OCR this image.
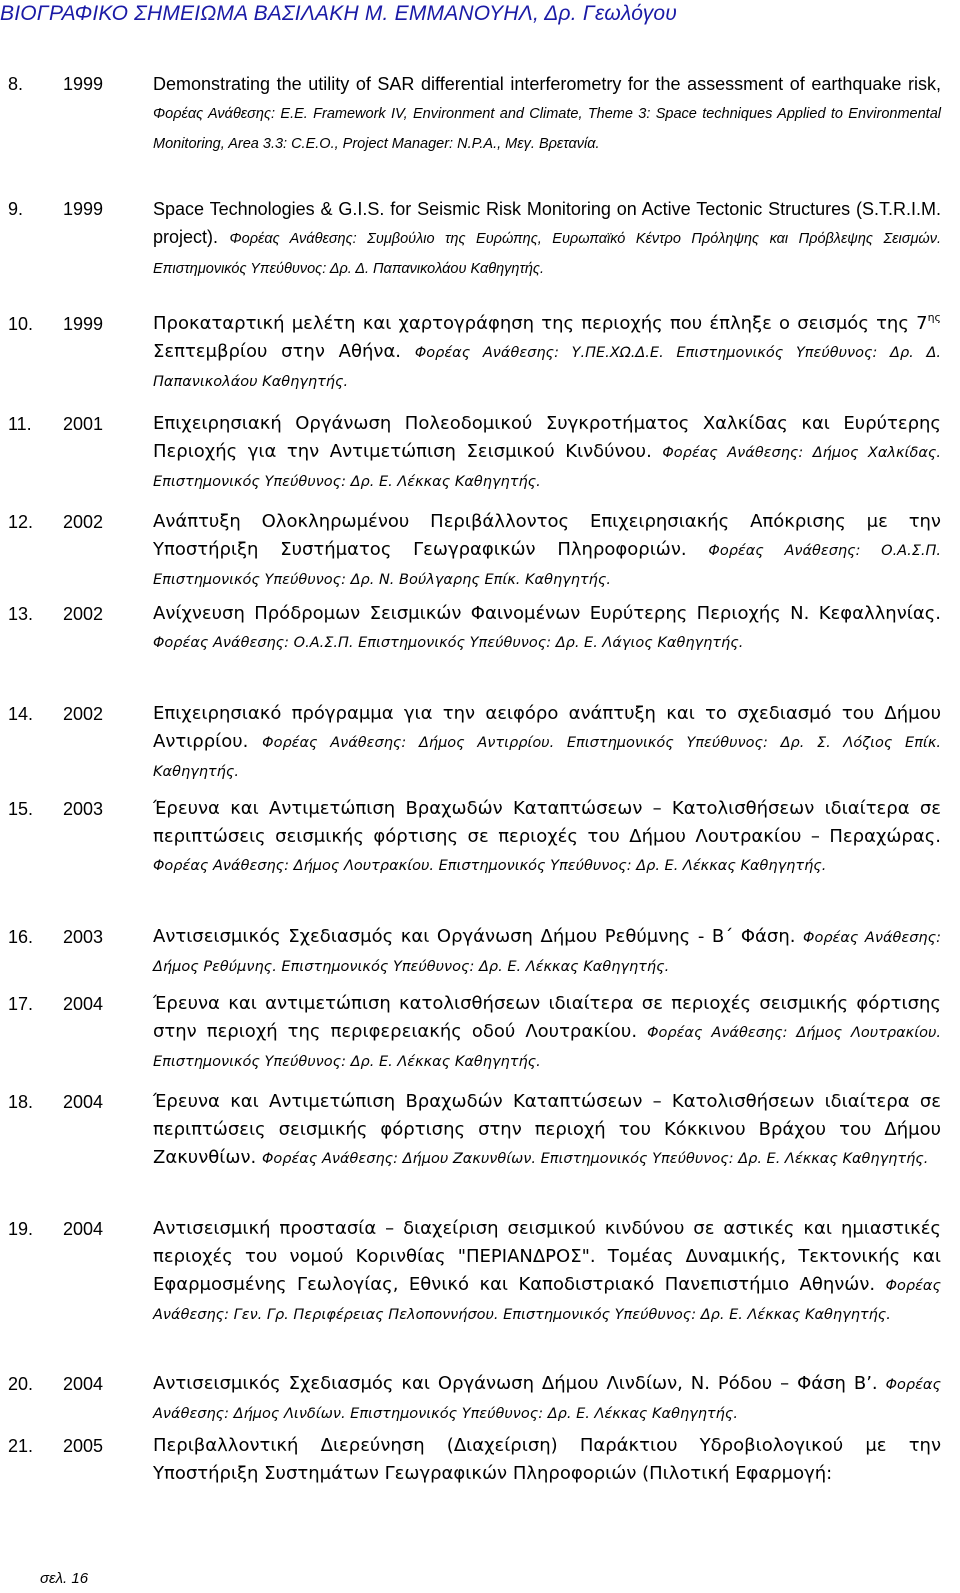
ΒΙΟΓΡΑΦΙΚΟ ΣΗΜΕΙΩΜΑ ΒΑΣΙΛΑΚΗ Μ. ΕΜΜΑΝΟΥΗΛ, Δρ. Γεωλόγου
8. 1999	Demonstrating the utility of SAR differential interferometry for the assessment of earthquake risk, Φορέας Ανάθεσης: Ε.Ε. Framework IV, Environment and Climate, Theme 3: Space techniques Applied to Environmental Monitoring, Area 3.3: C.E.O., Project Manager: N.P.A., Μεγ. Βρετανία.
9. 1999	Space Technologies & G.I.S. for Seismic Risk Monitoring on Active Tectonic Structures (S.T.R.I.M. project). Φορέας Ανάθεσης: Συμβούλιο της Ευρώπης, Ευρωπαϊκό Κέντρο Πρόληψης και Πρόβλεψης Σεισμών. Επιστημονικός Υπεύθυνος: Δρ. Δ. Παπανικολάου Καθηγητής.
10. 1999	Προκαταρτική μελέτη και χαρτογράφηση της περιοχής που έπληξε ο σεισμός της $7^{\eta\varsigma}$ Σεπτεμβρίου στην Αθήνα. Φορέας Ανάθεσης: Υ.ΠΕ.ΧΩ.Δ.Ε. Επιστημονικός Υπεύθυνος: Δρ. Δ. Παπανικολάου Καθηγητής.
11. 2001	Επιχειρησιακή Οργάνωση Πολεοδομικού Συγκροτήματος Χαλκίδας και Ευρύτερης Περιοχής για την Αντιμετώπιση Σεισμικού Κινδύνου. Φορέας Ανάθεσης: Δήμος Χαλκίδας. Επιστημονικός Υπεύθυνος: Δρ. Ε. Λέκκας Καθηγητής.
12. 2002	Ανάπτυξη Ολοκληρωμένου Περιβάλλοντος Επιχειρησιακής Απόκρισης με την Υποστήριξη Συστήματος Γεωγραφικών Πληροφοριών. Φορέας Ανάθεσης: Ο.Α.Σ.Π. Επιστημονικός Υπεύθυνος: Δρ. Ν. Βούλγαρης Επίκ. Καθηγητής.
13. 2002	Ανίχνευση Πρόδρομων Σεισμικών Φαινομένων Ευρύτερης Περιοχής Ν. Κεφαλληνίας. Φορέας Ανάθεσης: Ο.Α.Σ.Π. Επιστημονικός Υπεύθυνος: Δρ. Ε. Λάγιος Καθηγητής.
14. 2002	Επιχειρησιακό πρόγραμμα για την αειφόρο ανάπτυξη και το σχεδιασμό του Δήμου Αντιρρίου. Φορέας Ανάθεσης: Δήμος Αντιρρίου. Επιστημονικός Υπεύθυνος: Δρ. Σ. Λόζιος Επίκ. Καθηγητής.
15. 2003	Έρευνα και Αντιμετώπιση Βραχωδών Καταπτώσεων – Κατολισθήσεων ιδιαίτερα σε περιπτώσεις σεισμικής φόρτισης σε περιοχές του Δήμου Λουτρακίου – Περαχώρας. Φορέας Ανάθεσης: Δήμος Λουτρακίου. Επιστημονικός Υπεύθυνος: Δρ. Ε. Λέκκας Καθηγητής.
16. 2003	Αντισεισμικός Σχεδιασμός και Οργάνωση Δήμου Ρεθύμνης - Β΄ Φάση. Φορέας Ανάθεσης: Δήμος Ρεθύμνης. Επιστημονικός Υπεύθυνος: Δρ. Ε. Λέκκας Καθηγητής.
17. 2004	Έρευνα και αντιμετώπιση κατολισθήσεων ιδιαίτερα σε περιοχές σεισμικής φόρτισης στην περιοχή της περιφερειακής οδού Λουτρακίου. Φορέας Ανάθεσης: Δήμος Λουτρακίου. Επιστημονικός Υπεύθυνος: Δρ. Ε. Λέκκας Καθηγητής.
18. 2004	Έρευνα και Αντιμετώπιση Βραχωδών Καταπτώσεων – Κατολισθήσεων ιδιαίτερα σε περιπτώσεις σεισμικής φόρτισης στην περιοχή του Κόκκινου Βράχου του Δήμου Ζακυνθίων. Φορέας Ανάθεσης: Δήμου Ζακυνθίων. Επιστημονικός Υπεύθυνος: Δρ. Ε. Λέκκας Καθηγητής.
19. 2004	Αντισεισμική προστασία – διαχείριση σεισμικού κινδύνου σε αστικές και ημιαστικές περιοχές του νομού Κορινθίας "ΠΕΡΙΑΝΔΡΟΣ". Τομέας Δυναμικής, Τεκτονικής και Εφαρμοσμένης Γεωλογίας, Εθνικό και Καποδιστριακό Πανεπιστήμιο Αθηνών. Φορέας Ανάθεσης: Γεν. Γρ. Περιφέρειας Πελοποννήσου. Επιστημονικός Υπεύθυνος: Δρ. Ε. Λέκκας Καθηγητής.
20. 2004	Αντισεισμικός Σχεδιασμός και Οργάνωση Δήμου Λινδίων, Ν. Ρόδου – Φάση Β’. Φορέας Ανάθεσης: Δήμος Λινδίων. Επιστημονικός Υπεύθυνος: Δρ. Ε. Λέκκας Καθηγητής.
21. 2005	Περιβαλλοντική Διερεύνηση (Διαχείριση) Παράκτιου Υδροβιολογικού με την Υποστήριξη Συστημάτων Γεωγραφικών Πληροφοριών (Πιλοτική Εφαρμογή:
σελ. 16
